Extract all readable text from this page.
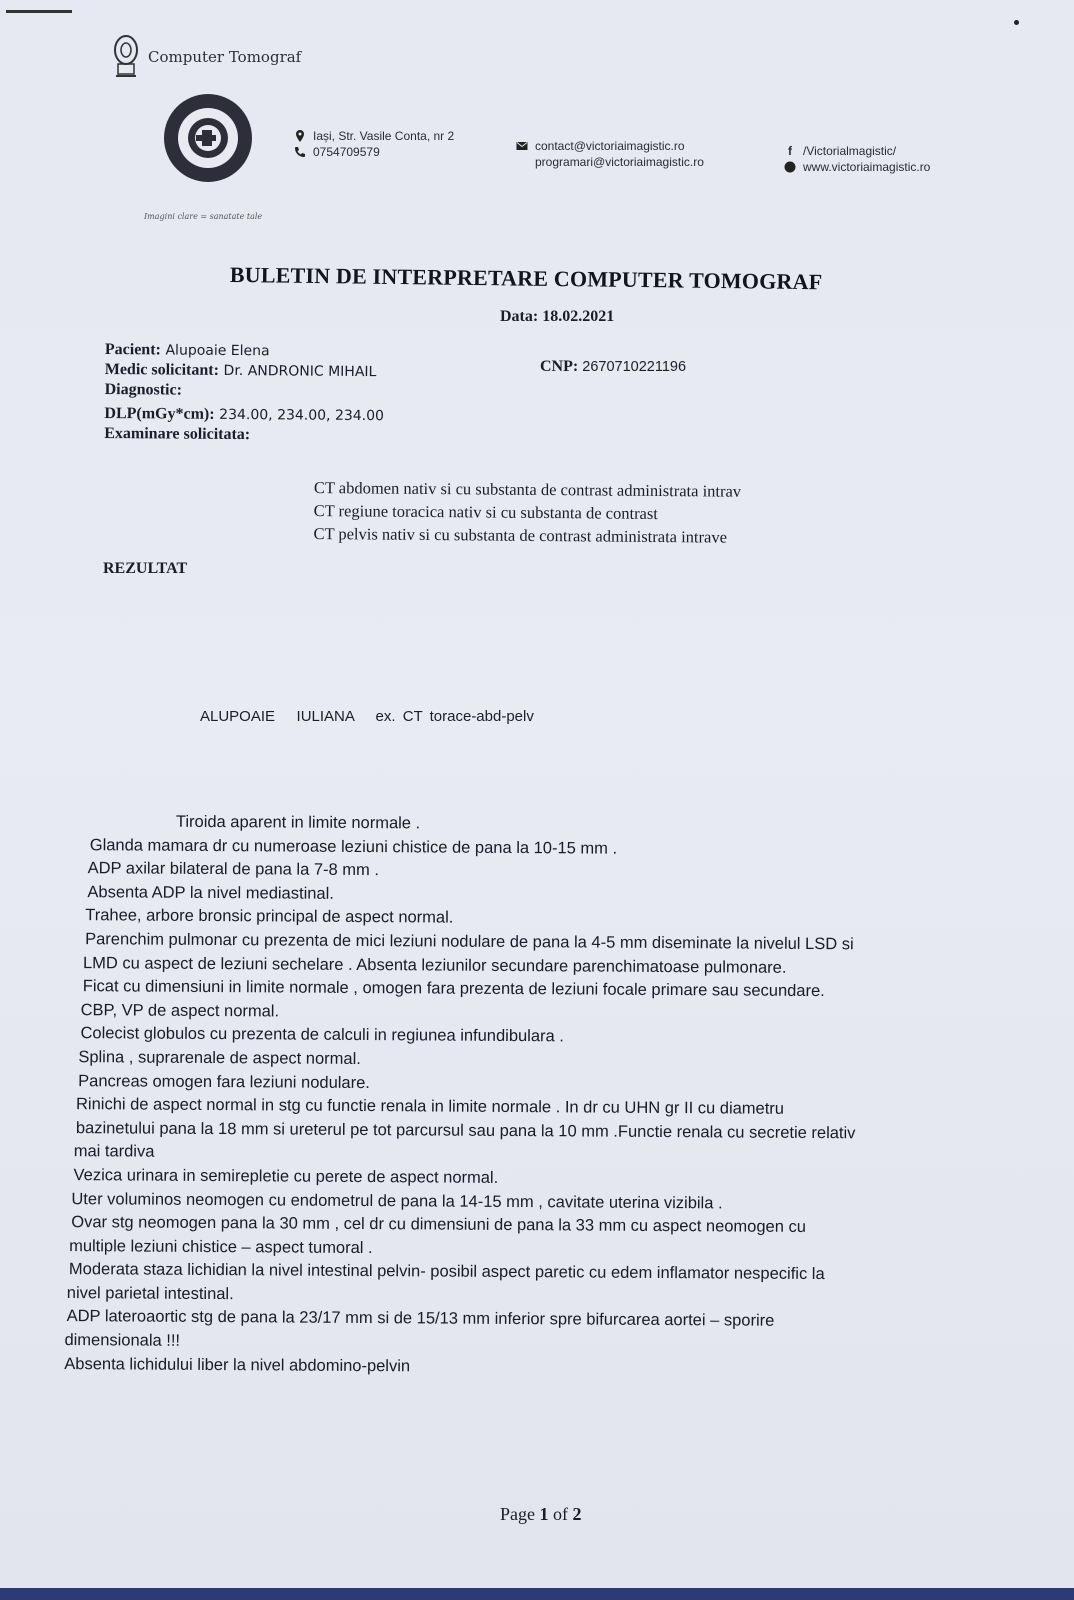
Computer Tomograf
Imagini clare = sanatate tale
Iași, Str. Vasile Conta, nr 2
0754709579	contact@victoriaimagistic.ro
programari@victoriaimagistic.ro
f /Victorialmagistic/
www.victoriaimagistic.ro
BULETIN DE INTERPRETARE COMPUTER TOMOGRAF
Data: 18.02.2021
Pacient: Alupoaie Elena
Medic solicitant: Dr. ANDRONIC MIHAIL
Diagnostic:
DLP(mGy*cm): 234.00, 234.00, 234.00
Examinare solicitata:
CNP: 2670710221196
CT abdomen nativ si cu substanta de contrast administrata intrav
CT regiune toracica nativ si cu substanta de contrast
CT pelvis nativ si cu substanta de contrast administrata intrave
REZULTAT
ALUPOAIE   IULIANA   ex. CT torace-abd-pelv

Tiroida aparent in limite normale .

Glanda mamara dr cu numeroase leziuni chistice de pana la 10-15 mm .

ADP axilar bilateral de pana la 7-8 mm .

Absenta ADP la nivel mediastinal.

Trahee, arbore bronsic principal de aspect normal.

Parenchim pulmonar cu prezenta de mici leziuni nodulare de pana la 4-5 mm diseminate la nivelul LSD si

LMD cu aspect de leziuni sechelare . Absenta leziunilor secundare parenchimatoase pulmonare.

Ficat cu dimensiuni in limite normale , omogen fara prezenta de leziuni focale primare sau secundare.

CBP, VP de aspect normal.

Colecist globulos cu prezenta de calculi in regiunea infundibulara .

Splina , suprarenale de aspect normal.

Pancreas omogen fara leziuni nodulare.

Rinichi de aspect normal in stg cu functie renala in limite normale . In dr cu UHN gr II cu diametru

bazinetului pana la 18 mm si ureterul pe tot parcursul sau pana la 10 mm .Functie renala cu secretie relativ

mai tardiva

Vezica urinara in semirepletie cu perete de aspect normal.

Uter voluminos neomogen cu endometrul de pana la 14-15 mm , cavitate uterina vizibila .

Ovar stg neomogen pana la 30 mm , cel dr cu dimensiuni de pana la 33 mm cu aspect neomogen cu

multiple leziuni chistice – aspect tumoral .

Moderata staza lichidian la nivel intestinal pelvin- posibil aspect paretic cu edem inflamator nespecific la

nivel parietal intestinal.

ADP lateroaortic stg de pana la 23/17 mm si de 15/13 mm inferior spre bifurcarea aortei – sporire

dimensionala !!!

Absenta lichidului liber la nivel abdomino-pelvin

Page 1 of 2
